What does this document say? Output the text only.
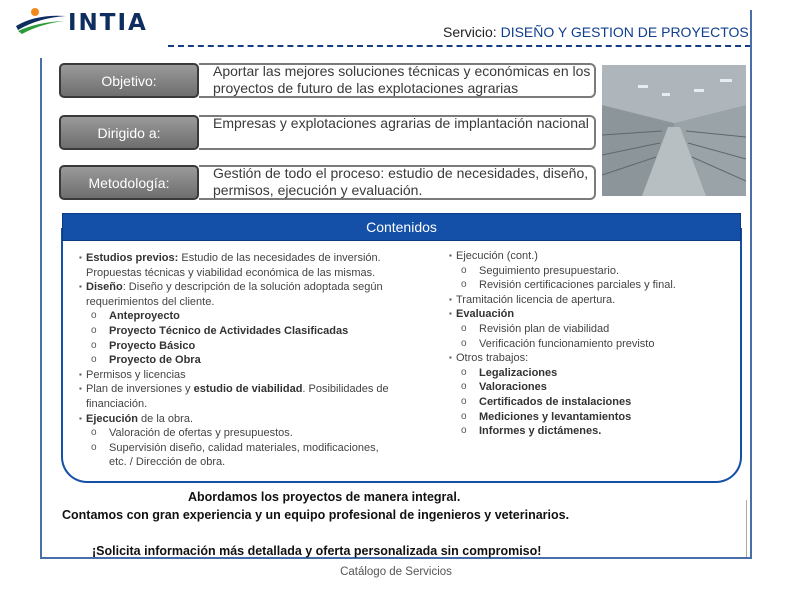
INTIA	Servicio: DISEÑO Y GESTION DE PROYECTOS
Objetivo:
Aportar las mejores soluciones técnicas y económicas en los proyectos de futuro de las explotaciones agrarias
Dirigido a:
Empresas y explotaciones agrarias de implantación nacional
Metodología:
Gestión de todo el proceso: estudio de necesidades, diseño, permisos, ejecución y evaluación.
Contenidos
▪ Estudios previos: Estudio de las necesidades de inversión.
Propuestas técnicas y viabilidad económica de las mismas.
▪ Diseño: Diseño y descripción de la solución adoptada según
requerimientos del cliente.
o Anteproyecto
o Proyecto Técnico de Actividades Clasificadas
o Proyecto Básico
o Proyecto de Obra
▪ Permisos y licencias
▪ Plan de inversiones y estudio de viabilidad. Posibilidades de
financiación.
▪ Ejecución de la obra.
o Valoración de ofertas y presupuestos.
o Supervisión diseño, calidad materiales, modificaciones,
etc. / Dirección de obra.
▪ Ejecución (cont.)
o Seguimiento presupuestario.
o Revisión certificaciones parciales y final.
▪ Tramitación licencia de apertura.
▪ Evaluación
o Revisión plan de viabilidad
o Verificación funcionamiento previsto
▪ Otros trabajos:
o Legalizaciones
o Valoraciones
o Certificados de instalaciones
o Mediciones y levantamientos
o Informes y dictámenes.
Abordamos los proyectos de manera integral.
Contamos con gran experiencia y un equipo profesional de ingenieros y veterinarios.
¡Solicita información más detallada y oferta personalizada sin compromiso!
Catálogo de Servicios
